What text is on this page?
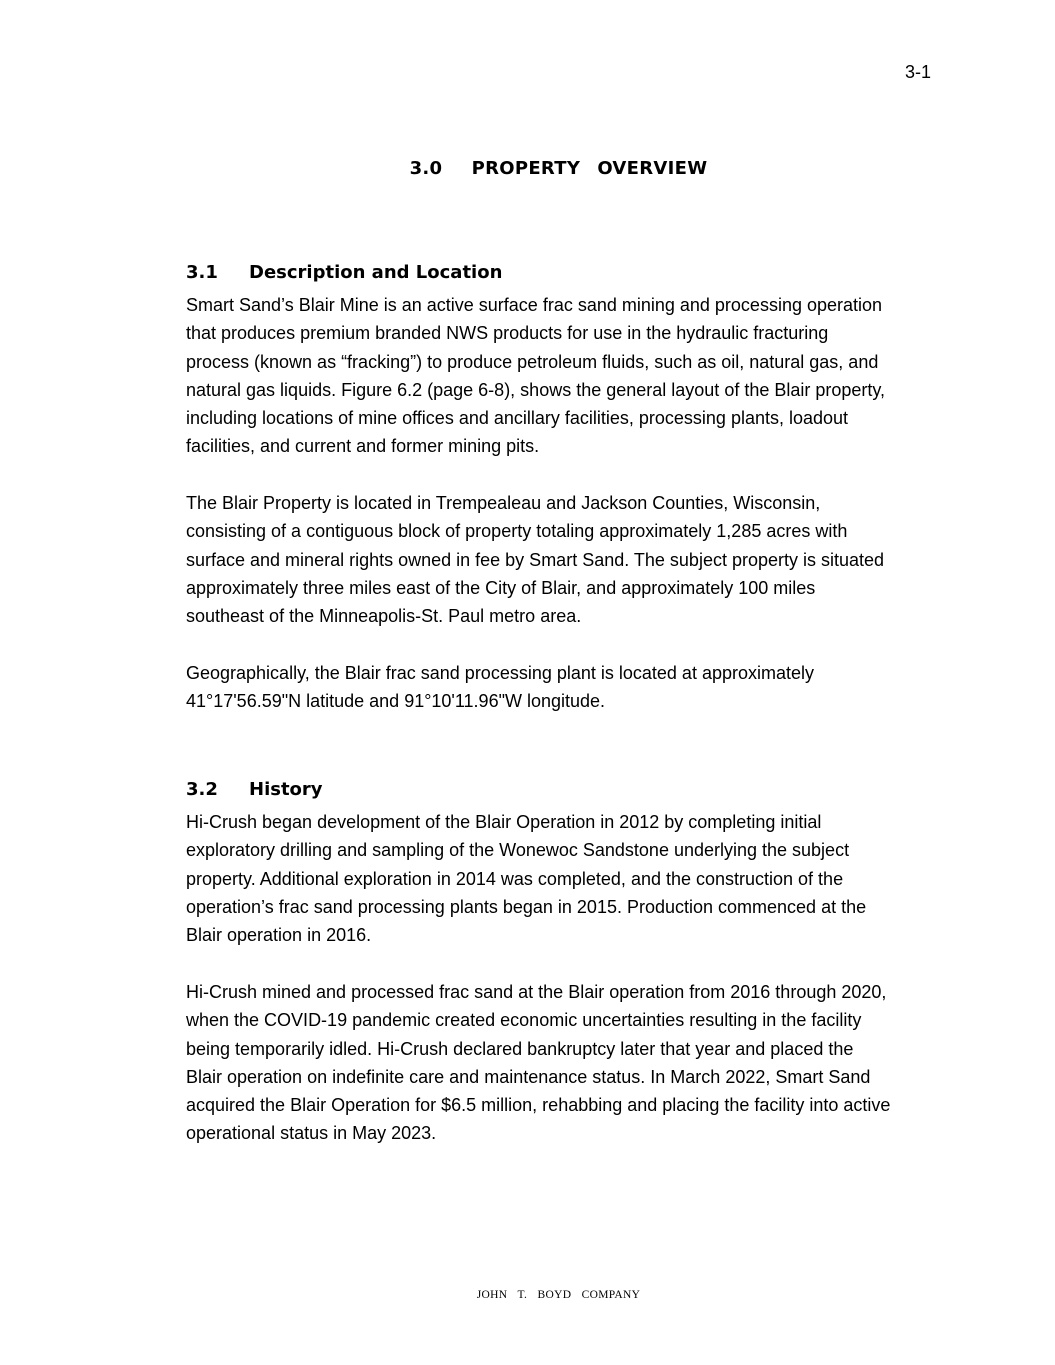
3-1
3.0 PROPERTY  OVERVIEW
3.1 Description and Location
Smart Sand’s Blair Mine is an active surface frac sand mining and processing operation
that produces premium branded NWS products for use in the hydraulic fracturing
process (known as “fracking”) to produce petroleum fluids, such as oil, natural gas, and
natural gas liquids. Figure 6.2 (page 6-8), shows the general layout of the Blair property,
including locations of mine offices and ancillary facilities, processing plants, loadout
facilities, and current and former mining pits.
The Blair Property is located in Trempealeau and Jackson Counties, Wisconsin,
consisting of a contiguous block of property totaling approximately 1,285 acres with
surface and mineral rights owned in fee by Smart Sand. The subject property is situated
approximately three miles east of the City of Blair, and approximately 100 miles
southeast of the Minneapolis-St. Paul metro area.
Geographically, the Blair frac sand processing plant is located at approximately
41°17'56.59"N latitude and 91°10'11.96"W longitude.
3.2 History
Hi-Crush began development of the Blair Operation in 2012 by completing initial
exploratory drilling and sampling of the Wonewoc Sandstone underlying the subject
property. Additional exploration in 2014 was completed, and the construction of the
operation’s frac sand processing plants began in 2015. Production commenced at the
Blair operation in 2016.
Hi-Crush mined and processed frac sand at the Blair operation from 2016 through 2020,
when the COVID-19 pandemic created economic uncertainties resulting in the facility
being temporarily idled. Hi-Crush declared bankruptcy later that year and placed the
Blair operation on indefinite care and maintenance status. In March 2022, Smart Sand
acquired the Blair Operation for $6.5 million, rehabbing and placing the facility into active
operational status in May 2023.
JOHN  T.  BOYD  COMPANY
